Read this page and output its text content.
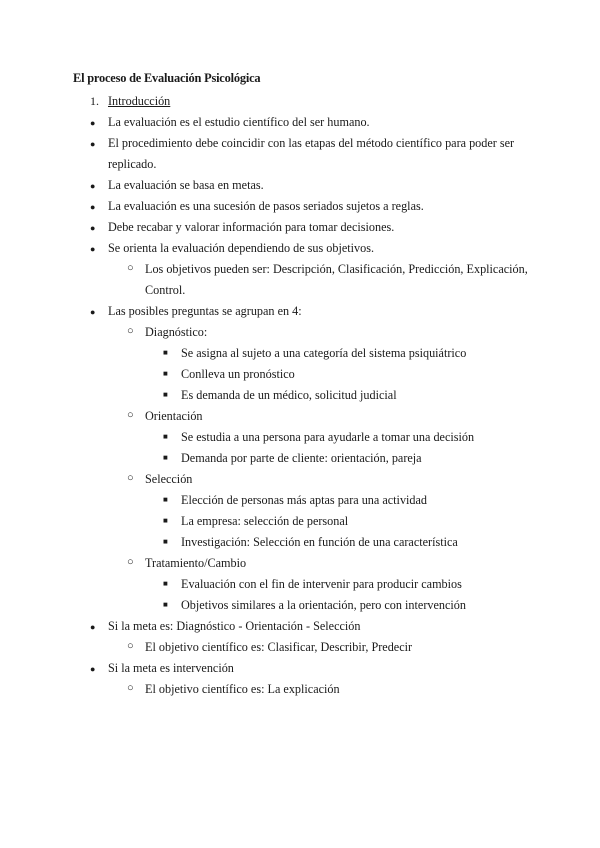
El proceso de Evaluación Psicológica
1. Introducción
● La evaluación es el estudio científico del ser humano.
● El procedimiento debe coincidir con las etapas del método científico para poder ser
replicado.
● La evaluación se basa en metas.
● La evaluación es una sucesión de pasos seriados sujetos a reglas.
● Debe recabar y valorar información para tomar decisiones.
● Se orienta la evaluación dependiendo de sus objetivos.
○ Los objetivos pueden ser: Descripción, Clasificación, Predicción, Explicación,
Control.
● Las posibles preguntas se agrupan en 4:
○ Diagnóstico:
■ Se asigna al sujeto a una categoría del sistema psiquiátrico
■ Conlleva un pronóstico
■ Es demanda de un médico, solicitud judicial
○ Orientación
■ Se estudia a una persona para ayudarle a tomar una decisión
■ Demanda por parte de cliente: orientación, pareja
○ Selección
■ Elección de personas más aptas para una actividad
■ La empresa: selección de personal
■ Investigación: Selección en función de una característica
○ Tratamiento/Cambio
■ Evaluación con el fin de intervenir para producir cambios
■ Objetivos similares a la orientación, pero con intervención
● Si la meta es: Diagnóstico - Orientación - Selección
○ El objetivo científico es: Clasificar, Describir, Predecir
● Si la meta es intervención
○ El objetivo científico es: La explicación
